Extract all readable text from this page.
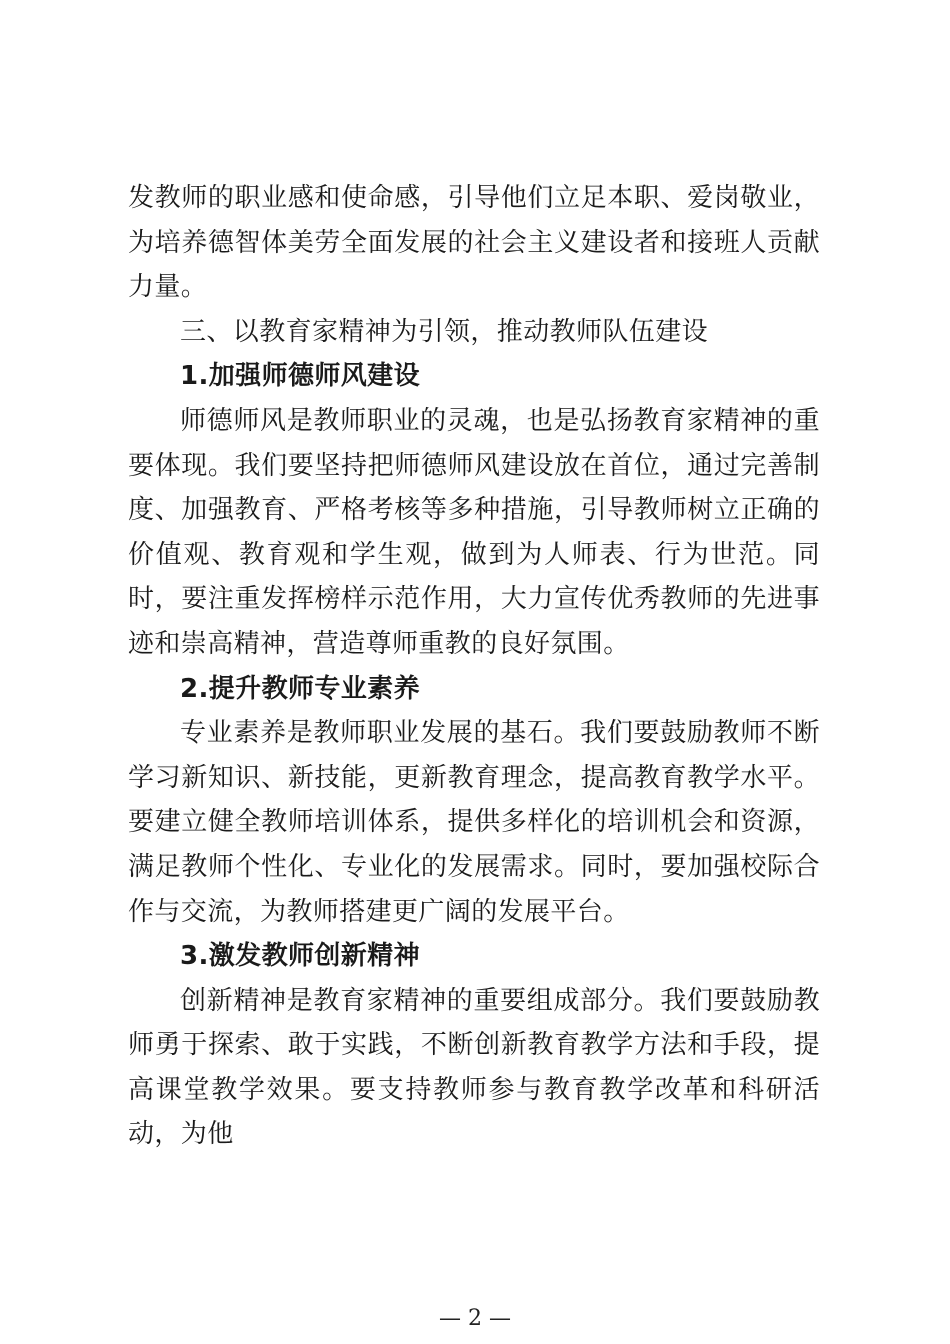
发教师的职业感和使命感，引导他们立足本职、爱岗敬业，为培养德智体美劳全面发展的社会主义建设者和接班人贡献力量。

三、以教育家精神为引领，推动教师队伍建设

1.加强师德师风建设

师德师风是教师职业的灵魂，也是弘扬教育家精神的重要体现。我们要坚持把师德师风建设放在首位，通过完善制度、加强教育、严格考核等多种措施，引导教师树立正确的价值观、教育观和学生观，做到为人师表、行为世范。同时，要注重发挥榜样示范作用，大力宣传优秀教师的先进事迹和崇高精神，营造尊师重教的良好氛围。

2.提升教师专业素养

专业素养是教师职业发展的基石。我们要鼓励教师不断学习新知识、新技能，更新教育理念，提高教育教学水平。要建立健全教师培训体系，提供多样化的培训机会和资源，满足教师个性化、专业化的发展需求。同时，要加强校际合作与交流，为教师搭建更广阔的发展平台。

3.激发教师创新精神

创新精神是教育家精神的重要组成部分。我们要鼓励教师勇于探索、敢于实践，不断创新教育教学方法和手段，提高课堂教学效果。要支持教师参与教育教学改革和科研活动，为他

— 2 —
